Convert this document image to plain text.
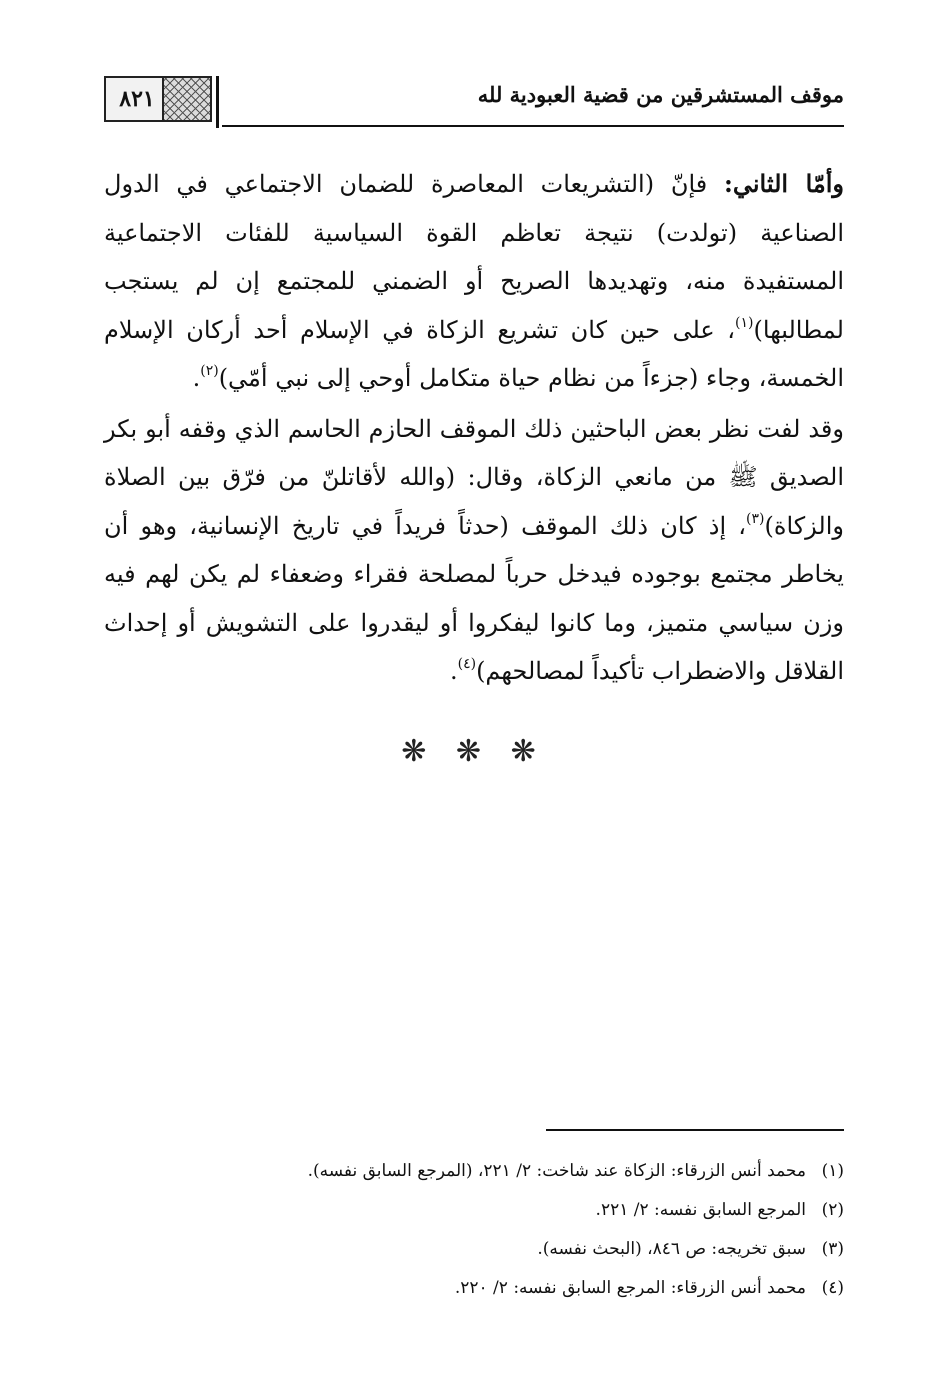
٨٢١	موقف المستشرقين من قضية العبودية لله

وأمّا الثاني: فإنّ (التشريعات المعاصرة للضمان الاجتماعي في الدول الصناعية (تولدت) نتيجة تعاظم القوة السياسية للفئات الاجتماعية المستفيدة منه، وتهديدها الصريح أو الضمني للمجتمع إن لم يستجب لمطالبها)$^{(١)}$، على حين كان تشريع الزكاة في الإسلام أحد أركان الإسلام الخمسة، وجاء (جزءاً من نظام حياة متكامل أوحي إلى نبي أمّي)$^{(٢)}$.

وقد لفت نظر بعض الباحثين ذلك الموقف الحازم الحاسم الذي وقفه أبو بكر الصديق ﷺ من مانعي الزكاة، وقال: (والله لأقاتلنّ من فرّق بين الصلاة والزكاة)$^{(٣)}$، إذ كان ذلك الموقف (حدثاً فريداً في تاريخ الإنسانية، وهو أن يخاطر مجتمع بوجوده فيدخل حرباً لمصلحة فقراء وضعفاء لم يكن لهم فيه وزن سياسي متميز، وما كانوا ليفكروا أو ليقدروا على التشويش أو إحداث القلاقل والاضطراب تأكيداً لمصالحهم)$^{(٤)}$.

❋ ❋ ❋
(١)محمد أنس الزرقاء: الزكاة عند شاخت: ٢/ ٢٢١، (المرجع السابق نفسه).
(٢)المرجع السابق نفسه: ٢/ ٢٢١.
(٣)سبق تخريجه: ص ٨٤٦، (البحث نفسه).
(٤)محمد أنس الزرقاء: المرجع السابق نفسه: ٢/ ٢٢٠.
